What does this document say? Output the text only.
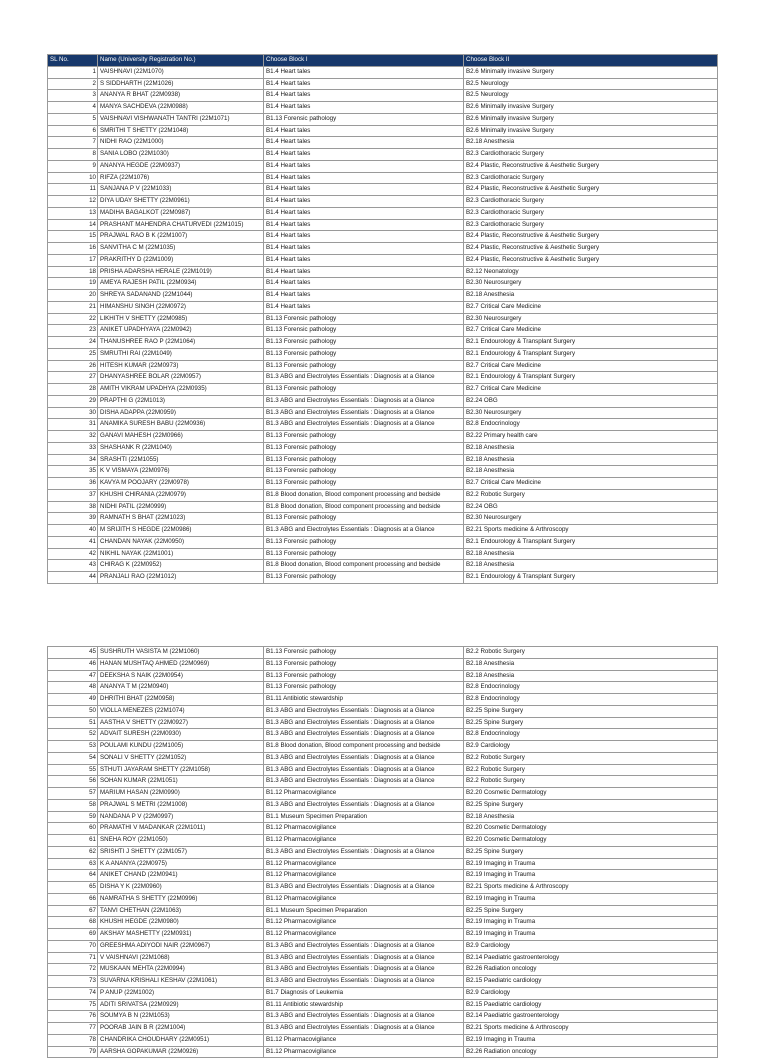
SL No.	Name (University Registration No.)	Choose Block I	Choose Block II
1	VAISHNAVI (22M1070)	B1.4 Heart tales	B2.6 Minimally invasive Surgery
2	S SIDDHARTH (22M1026)	B1.4 Heart tales	B2.5 Neurology
3	ANANYA R BHAT (22M0938)	B1.4 Heart tales	B2.5 Neurology
4	MANYA SACHDEVA (22M0988)	B1.4 Heart tales	B2.6 Minimally invasive Surgery
5	VAISHNAVI VISHWANATH TANTRI (22M1071)	B1.13 Forensic pathology	B2.6 Minimally invasive Surgery
6	SMRITHI T SHETTY (22M1048)	B1.4 Heart tales	B2.6 Minimally invasive Surgery
7	NIDHI RAO (22M1000)	B1.4 Heart tales	B2.18 Anesthesia
8	SANIA LOBO (22M1030)	B1.4 Heart tales	B2.3 Cardiothoracic Surgery
9	ANANYA HEGDE (22M0937)	B1.4 Heart tales	B2.4 Plastic, Reconstructive & Aesthetic Surgery
10	RIFZA (22M1076)	B1.4 Heart tales	B2.3 Cardiothoracic Surgery
11	SANJANA P V (22M1033)	B1.4 Heart tales	B2.4 Plastic, Reconstructive & Aesthetic Surgery
12	DIYA UDAY SHETTY (22M0961)	B1.4 Heart tales	B2.3 Cardiothoracic Surgery
13	MADIHA BAGALKOT (22M0987)	B1.4 Heart tales	B2.3 Cardiothoracic Surgery
14	PRASHANT MAHENDRA CHATURVEDI (22M1015)	B1.4 Heart tales	B2.3 Cardiothoracic Surgery
15	PRAJWAL RAO B K (22M1007)	B1.4 Heart tales	B2.4 Plastic, Reconstructive & Aesthetic Surgery
16	SANVITHA C M (22M1035)	B1.4 Heart tales	B2.4 Plastic, Reconstructive & Aesthetic Surgery
17	PRAKRITHY D (22M1009)	B1.4 Heart tales	B2.4 Plastic, Reconstructive & Aesthetic Surgery
18	PRISHA ADARSHA HERALE (22M1019)	B1.4 Heart tales	B2.12 Neonatology
19	AMEYA RAJESH PATIL (22M0934)	B1.4 Heart tales	B2.30 Neurosurgery
20	SHREYA SADANAND (22M1044)	B1.4 Heart tales	B2.18 Anesthesia
21	HIMANSHU SINGH (22M0972)	B1.4 Heart tales	B2.7 Critical Care Medicine
22	LIKHITH V SHETTY (22M0985)	B1.13 Forensic pathology	B2.30 Neurosurgery
23	ANIKET UPADHYAYA (22M0942)	B1.13 Forensic pathology	B2.7 Critical Care Medicine
24	THANUSHREE RAO P (22M1064)	B1.13 Forensic pathology	B2.1 Endourology & Transplant Surgery
25	SMRUTHI RAI (22M1049)	B1.13 Forensic pathology	B2.1 Endourology & Transplant Surgery
26	HITESH KUMAR (22M0973)	B1.13 Forensic pathology	B2.7 Critical Care Medicine
27	DHANYASHREE BOLAR (22M0957)	B1.3 ABG and Electrolytes Essentials : Diagnosis at a Glance	B2.1 Endourology & Transplant Surgery
28	AMITH VIKRAM UPADHYA (22M0935)	B1.13 Forensic pathology	B2.7 Critical Care Medicine
29	PRAPTHI G (22M1013)	B1.3 ABG and Electrolytes Essentials : Diagnosis at a Glance	B2.24 OBG
30	DISHA ADAPPA (22M0959)	B1.3 ABG and Electrolytes Essentials : Diagnosis at a Glance	B2.30 Neurosurgery
31	ANAMIKA SURESH BABU (22M0936)	B1.3 ABG and Electrolytes Essentials : Diagnosis at a Glance	B2.8 Endocrinology
32	GANAVI MAHESH (22M0966)	B1.13 Forensic pathology	B2.22 Primary health care
33	SHASHANK R (22M1040)	B1.13 Forensic pathology	B2.18 Anesthesia
34	SRASHTI (22M1055)	B1.13 Forensic pathology	B2.18 Anesthesia
35	K V VISMAYA (22M0976)	B1.13 Forensic pathology	B2.18 Anesthesia
36	KAVYA M POOJARY (22M0978)	B1.13 Forensic pathology	B2.7 Critical Care Medicine
37	KHUSHI CHIRANIA (22M0979)	B1.8 Blood donation, Blood component processing and bedside	B2.2 Robotic Surgery
38	NIDHI PATIL (22M0999)	B1.8 Blood donation, Blood component processing and bedside	B2.24 OBG
39	RAMNATH S BHAT (22M1023)	B1.13 Forensic pathology	B2.30 Neurosurgery
40	M SRIJITH S HEGDE (22M0986)	B1.3 ABG and Electrolytes Essentials : Diagnosis at a Glance	B2.21 Sports medicine & Arthroscopy
41	CHANDAN NAYAK (22M0950)	B1.13 Forensic pathology	B2.1 Endourology & Transplant Surgery
42	NIKHIL NAYAK (22M1001)	B1.13 Forensic pathology	B2.18 Anesthesia
43	CHIRAG K (22M0952)	B1.8 Blood donation, Blood component processing and bedside	B2.18 Anesthesia
44	PRANJALI RAO (22M1012)	B1.13 Forensic pathology	B2.1 Endourology & Transplant Surgery
45	SUSHRUTH VASISTA M (22M1060)	B1.13 Forensic pathology	B2.2 Robotic Surgery
46	HANAN MUSHTAQ AHMED (22M0969)	B1.13 Forensic pathology	B2.18 Anesthesia
47	DEEKSHA S NAIK (22M0954)	B1.13 Forensic pathology	B2.18 Anesthesia
48	ANANYA T M (22M0940)	B1.13 Forensic pathology	B2.8 Endocrinology
49	DHRITHI BHAT (22M0958)	B1.11 Antibiotic stewardship	B2.8 Endocrinology
50	VIOLLA MENEZES (22M1074)	B1.3 ABG and Electrolytes Essentials : Diagnosis at a Glance	B2.25 Spine Surgery
51	AASTHA V SHETTY (22M0927)	B1.3 ABG and Electrolytes Essentials : Diagnosis at a Glance	B2.25 Spine Surgery
52	ADVAIT SURESH (22M0930)	B1.3 ABG and Electrolytes Essentials : Diagnosis at a Glance	B2.8 Endocrinology
53	POULAMI KUNDU (22M1005)	B1.8 Blood donation, Blood component processing and bedside	B2.9 Cardiology
54	SONALI V SHETTY (22M1052)	B1.3 ABG and Electrolytes Essentials : Diagnosis at a Glance	B2.2 Robotic Surgery
55	STHUTI JAYARAM SHETTY (22M1058)	B1.3 ABG and Electrolytes Essentials : Diagnosis at a Glance	B2.2 Robotic Surgery
56	SOHAN KUMAR (22M1051)	B1.3 ABG and Electrolytes Essentials : Diagnosis at a Glance	B2.2 Robotic Surgery
57	MARIUM HASAN (22M0990)	B1.12 Pharmacovigilance	B2.20 Cosmetic Dermatology
58	PRAJWAL S METRI (22M1008)	B1.3 ABG and Electrolytes Essentials : Diagnosis at a Glance	B2.25 Spine Surgery
59	NANDANA P V (22M0997)	B1.1 Museum Specimen Preparation	B2.18 Anesthesia
60	PRAMATHI V MADANKAR (22M1011)	B1.12 Pharmacovigilance	B2.20 Cosmetic Dermatology
61	SNEHA ROY (22M1050)	B1.12 Pharmacovigilance	B2.20 Cosmetic Dermatology
62	SRISHTI J SHETTY (22M1057)	B1.3 ABG and Electrolytes Essentials : Diagnosis at a Glance	B2.25 Spine Surgery
63	K A ANANYA (22M0975)	B1.12 Pharmacovigilance	B2.19 Imaging in Trauma
64	ANIKET CHAND (22M0941)	B1.12 Pharmacovigilance	B2.19 Imaging in Trauma
65	DISHA Y K (22M0960)	B1.3 ABG and Electrolytes Essentials : Diagnosis at a Glance	B2.21 Sports medicine & Arthroscopy
66	NAMRATHA S SHETTY (22M0996)	B1.12 Pharmacovigilance	B2.19 Imaging in Trauma
67	TANVI CHETHAN (22M1063)	B1.1 Museum Specimen Preparation	B2.25 Spine Surgery
68	KHUSHI HEGDE (22M0980)	B1.12 Pharmacovigilance	B2.19 Imaging in Trauma
69	AKSHAY MASHETTY (22M0931)	B1.12 Pharmacovigilance	B2.19 Imaging in Trauma
70	GREESHMA ADIYODI NAIR (22M0967)	B1.3 ABG and Electrolytes Essentials : Diagnosis at a Glance	B2.9 Cardiology
71	V VAISHNAVI (22M1068)	B1.3 ABG and Electrolytes Essentials : Diagnosis at a Glance	B2.14 Paediatric gastroenterology
72	MUSKAAN MEHTA (22M0994)	B1.3 ABG and Electrolytes Essentials : Diagnosis at a Glance	B2.26 Radiation oncology
73	SUVARNA KRISHALI KESHAV (22M1061)	B1.3 ABG and Electrolytes Essentials : Diagnosis at a Glance	B2.15 Paediatric cardiology
74	P ANUP (22M1002)	B1.7 Diagnosis of Leukemia	B2.9 Cardiology
75	ADITI SRIVATSA (22M0929)	B1.11 Antibiotic stewardship	B2.15 Paediatric cardiology
76	SOUMYA B N (22M1053)	B1.3 ABG and Electrolytes Essentials : Diagnosis at a Glance	B2.14 Paediatric gastroenterology
77	POORAB JAIN B R (22M1004)	B1.3 ABG and Electrolytes Essentials : Diagnosis at a Glance	B2.21 Sports medicine & Arthroscopy
78	CHANDRIKA CHOUDHARY (22M0951)	B1.12 Pharmacovigilance	B2.19 Imaging in Trauma
79	AARSHA GOPAKUMAR (22M0926)	B1.12 Pharmacovigilance	B2.26 Radiation oncology
